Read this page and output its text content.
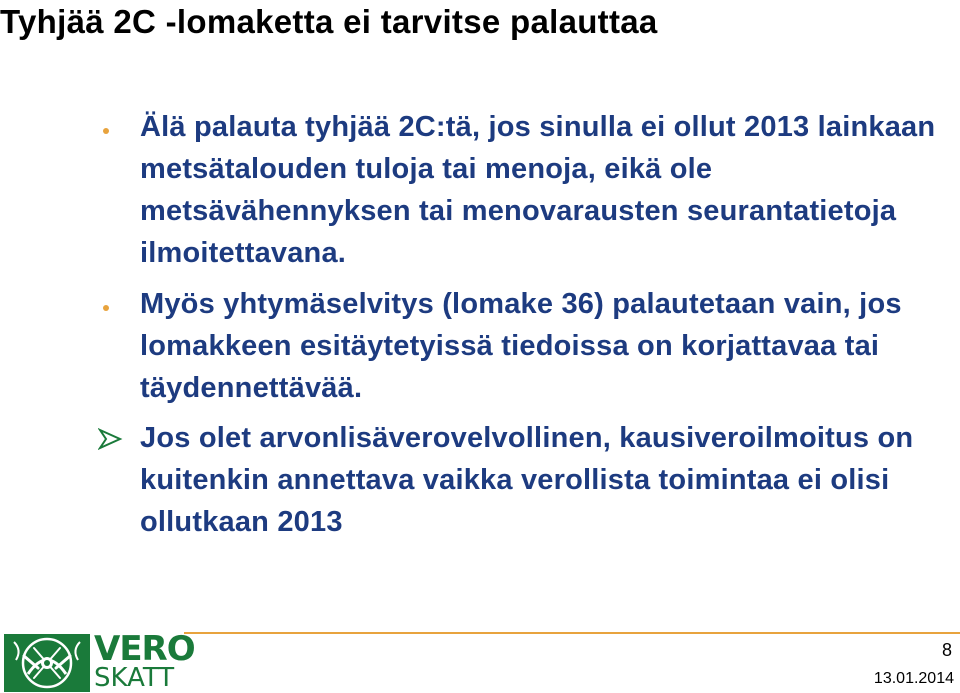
Tyhjää 2C -lomaketta ei tarvitse palauttaa
Älä palauta tyhjää 2C:tä, jos sinulla ei ollut 2013 lainkaan metsätalouden tuloja tai menoja, eikä ole metsävähennyksen tai menovarausten seurantatietoja ilmoitettavana.
Myös yhtymäselvitys (lomake 36) palautetaan vain, jos lomakkeen esitäytetyissä tiedoissa on korjattavaa tai täydennettävää.
Jos olet arvonlisäverovelvollinen, kausiveroilmoitus on kuitenkin annettava vaikka verollista toimintaa ei olisi ollutkaan 2013
VERO
SKATT
8
13.01.2014
